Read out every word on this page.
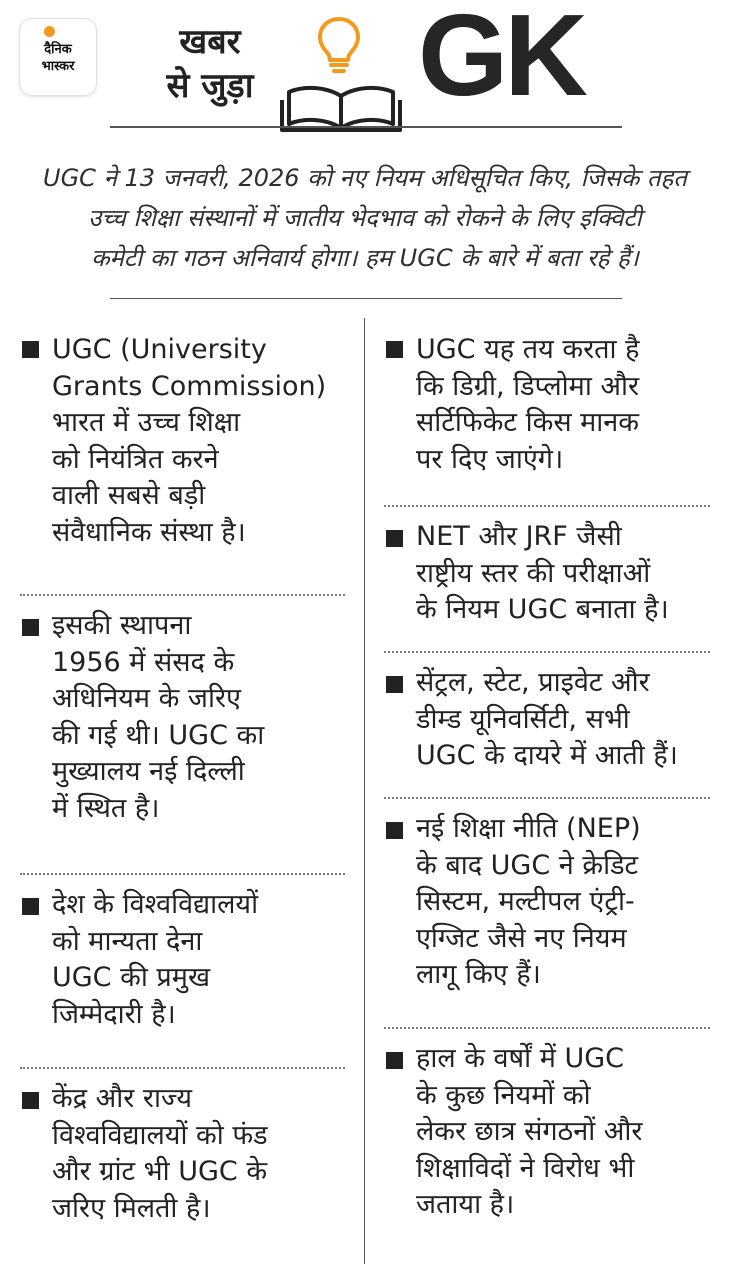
दैनिक
भास्कर
खबर
से जुड़ा GK
UGC ने 13 जनवरी, 2026 को नए नियम अधिसूचित किए, जिसके तहत
उच्च शिक्षा संस्थानों में जातीय भेदभाव को रोकने के लिए इक्विटी
कमेटी का गठन अनिवार्य होगा। हम UGC के बारे में बता रहे हैं।
UGC (University
Grants Commission)
भारत में उच्च शिक्षा
को नियंत्रित करने
वाली सबसे बड़ी
संवैधानिक संस्था है।
इसकी स्थापना
1956 में संसद के
अधिनियम के जरिए
की गई थी। UGC का
मुख्यालय नई दिल्ली
में स्थित है।
देश के विश्वविद्यालयों
को मान्यता देना
UGC की प्रमुख
जिम्मेदारी है।
केंद्र और राज्य
विश्वविद्यालयों को फंड
और ग्रांट भी UGC के
जरिए मिलती है।
UGC यह तय करता है
कि डिग्री, डिप्लोमा और
सर्टिफिकेट किस मानक
पर दिए जाएंगे।
NET और JRF जैसी
राष्ट्रीय स्तर की परीक्षाओं
के नियम UGC बनाता है।
सेंट्रल, स्टेट, प्राइवेट और
डीम्ड यूनिवर्सिटी, सभी
UGC के दायरे में आती हैं।
नई शिक्षा नीति (NEP)
के बाद UGC ने क्रेडिट
सिस्टम, मल्टीपल एंट्री-
एग्जिट जैसे नए नियम
लागू किए हैं।
हाल के वर्षों में UGC
के कुछ नियमों को
लेकर छात्र संगठनों और
शिक्षाविदों ने विरोध भी
जताया है।
